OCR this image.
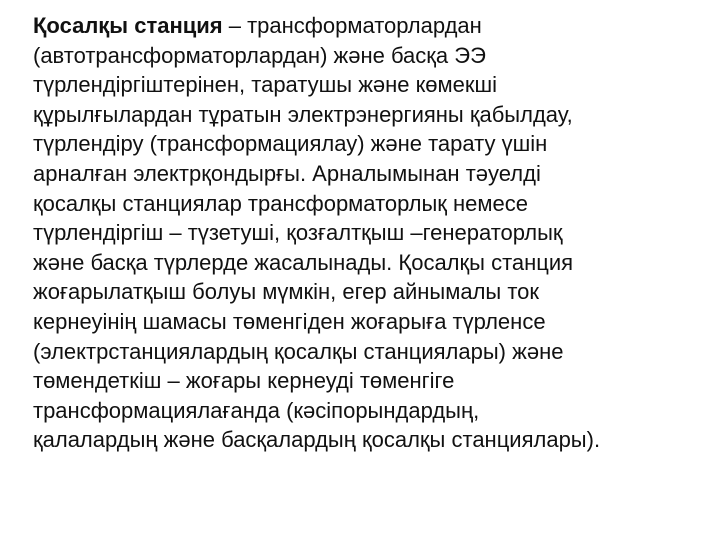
Қосалқы станция – трансформаторлардан
(автотрансформаторлардан) және басқа ЭЭ
түрлендіргіштерінен, таратушы және көмекші
құрылғылардан тұратын электрэнергияны қабылдау,
түрлендіру (трансформациялау) және тарату үшін
арналған электрқондырғы. Арналымынан тәуелді
қосалқы станциялар трансформаторлық немесе
түрлендіргіш – түзетуші, қозғалтқыш –генераторлық
және басқа түрлерде жасалынады. Қосалқы станция
жоғарылатқыш болуы мүмкін, егер айнымалы ток
кернеуінің шамасы төменгіден жоғарыға түрленсе
(электрстанциялардың қосалқы станциялары) және
төмендеткіш – жоғары кернеуді төменгіге
трансформациялағанда (кәсіпорындардың,
қалалардың және басқалардың қосалқы станциялары).
